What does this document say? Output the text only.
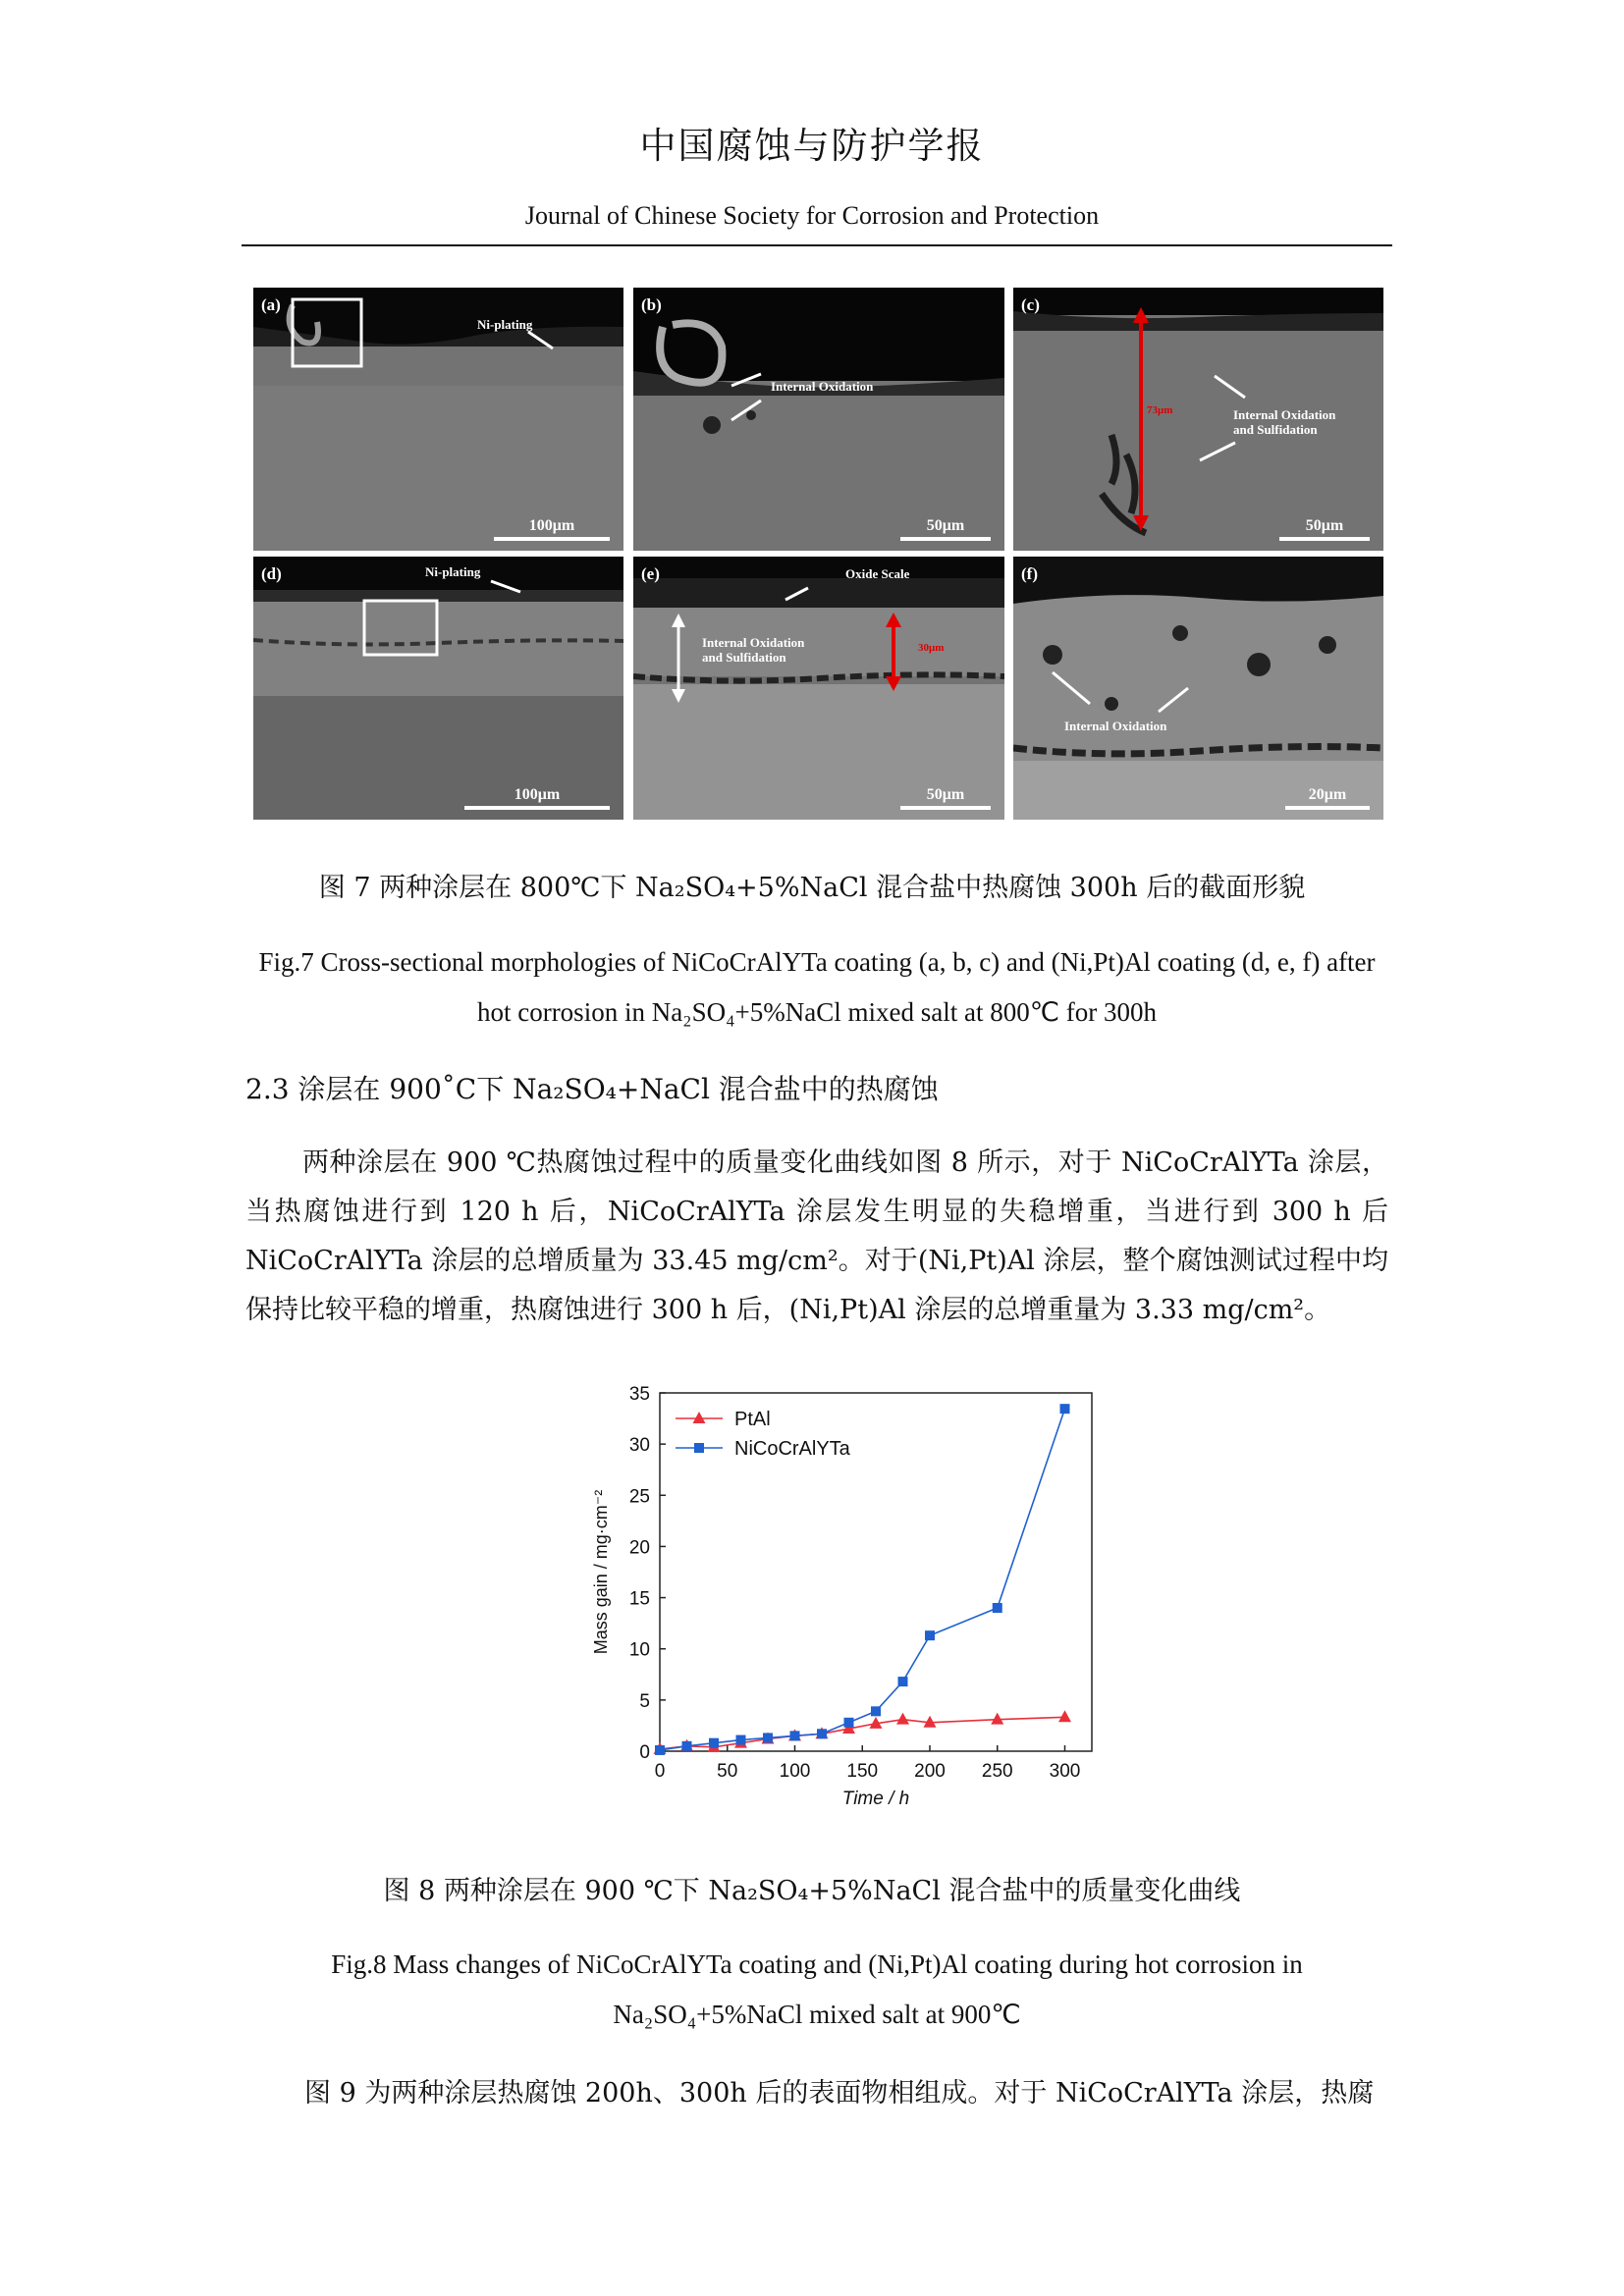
中国腐蚀与防护学报
Journal of Chinese Society for Corrosion and Protection
(a)
Ni-plating
100μm
(b)
Internal Oxidation
50μm
(c)
Internal Oxidation
and Sulfidation
73μm
50μm
(d)	Ni-plating
100μm
(e)	Oxide Scale
Internal Oxidation
and Sulfidation
30μm
50μm
(f)
Internal Oxidation
20μm
图 7 两种涂层在 800℃下 Na₂SO₄+5%NaCl 混合盐中热腐蚀 300h 后的截面形貌
Fig.7 Cross-sectional morphologies of NiCoCrAlYTa coating (a, b, c) and (Ni,Pt)Al coating (d, e, f) after hot corrosion in Na₂SO₄+5%NaCl mixed salt at 800℃ for 300h
2.3 涂层在 900˚C下 Na₂SO₄+NaCl 混合盐中的热腐蚀
两种涂层在 900 ℃热腐蚀过程中的质量变化曲线如图 8 所示，对于 NiCoCrAlYTa 涂层，当热腐蚀进行到 120 h 后，NiCoCrAlYTa 涂层发生明显的失稳增重，当进行到 300 h 后 NiCoCrAlYTa 涂层的总增质量为 33.45 mg/cm²。对于(Ni,Pt)Al 涂层，整个腐蚀测试过程中均保持比较平稳的增重，热腐蚀进行 300 h 后，(Ni,Pt)Al 涂层的总增重量为 3.33 mg/cm²。
0	50 100 150 200 250 300
0
5
10
15
20
25
30
35
Time / h
Mass gain / mg·cm⁻²
PtAl
NiCoCrAlYTa
图 8 两种涂层在 900 ℃下 Na₂SO₄+5%NaCl 混合盐中的质量变化曲线
Fig.8 Mass changes of NiCoCrAlYTa coating and (Ni,Pt)Al coating during hot corrosion in Na₂SO₄+5%NaCl mixed salt at 900℃
图 9 为两种涂层热腐蚀 200h、300h 后的表面物相组成。对于 NiCoCrAlYTa 涂层，热腐
